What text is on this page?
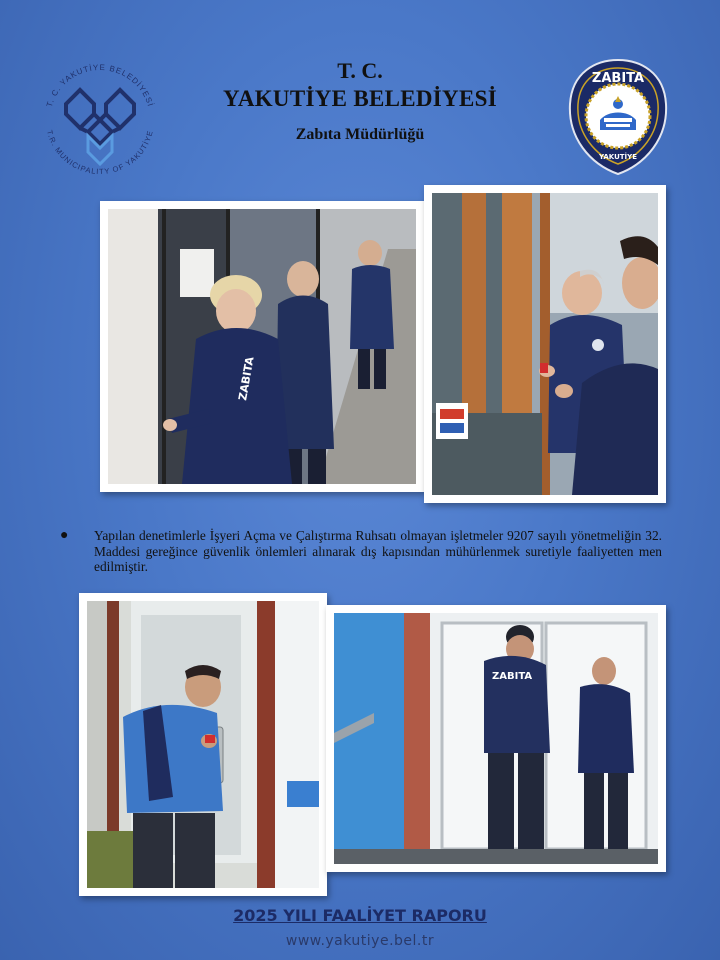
T. C. YAKUTİYE BELEDİYESİ
T.R. MUNICIPALITY OF YAKUTİYE
T. C.
YAKUTİYE BELEDİYESİ
Zabıta Müdürlüğü
ZABITA
YAKUTİYE
ZABITA
● Yapılan denetimlerle İşyeri Açma ve Çalıştırma Ruhsatı olmayan işletmeler 9207 sayılı yönetmeliğin 32. Maddesi gereğince güvenlik önlemleri alınarak dış kapısından mühürlenmek suretiyle faaliyetten men edilmiştir.
ZABITA
2025 YILI FAALİYET RAPORU
www.yakutiye.bel.tr
